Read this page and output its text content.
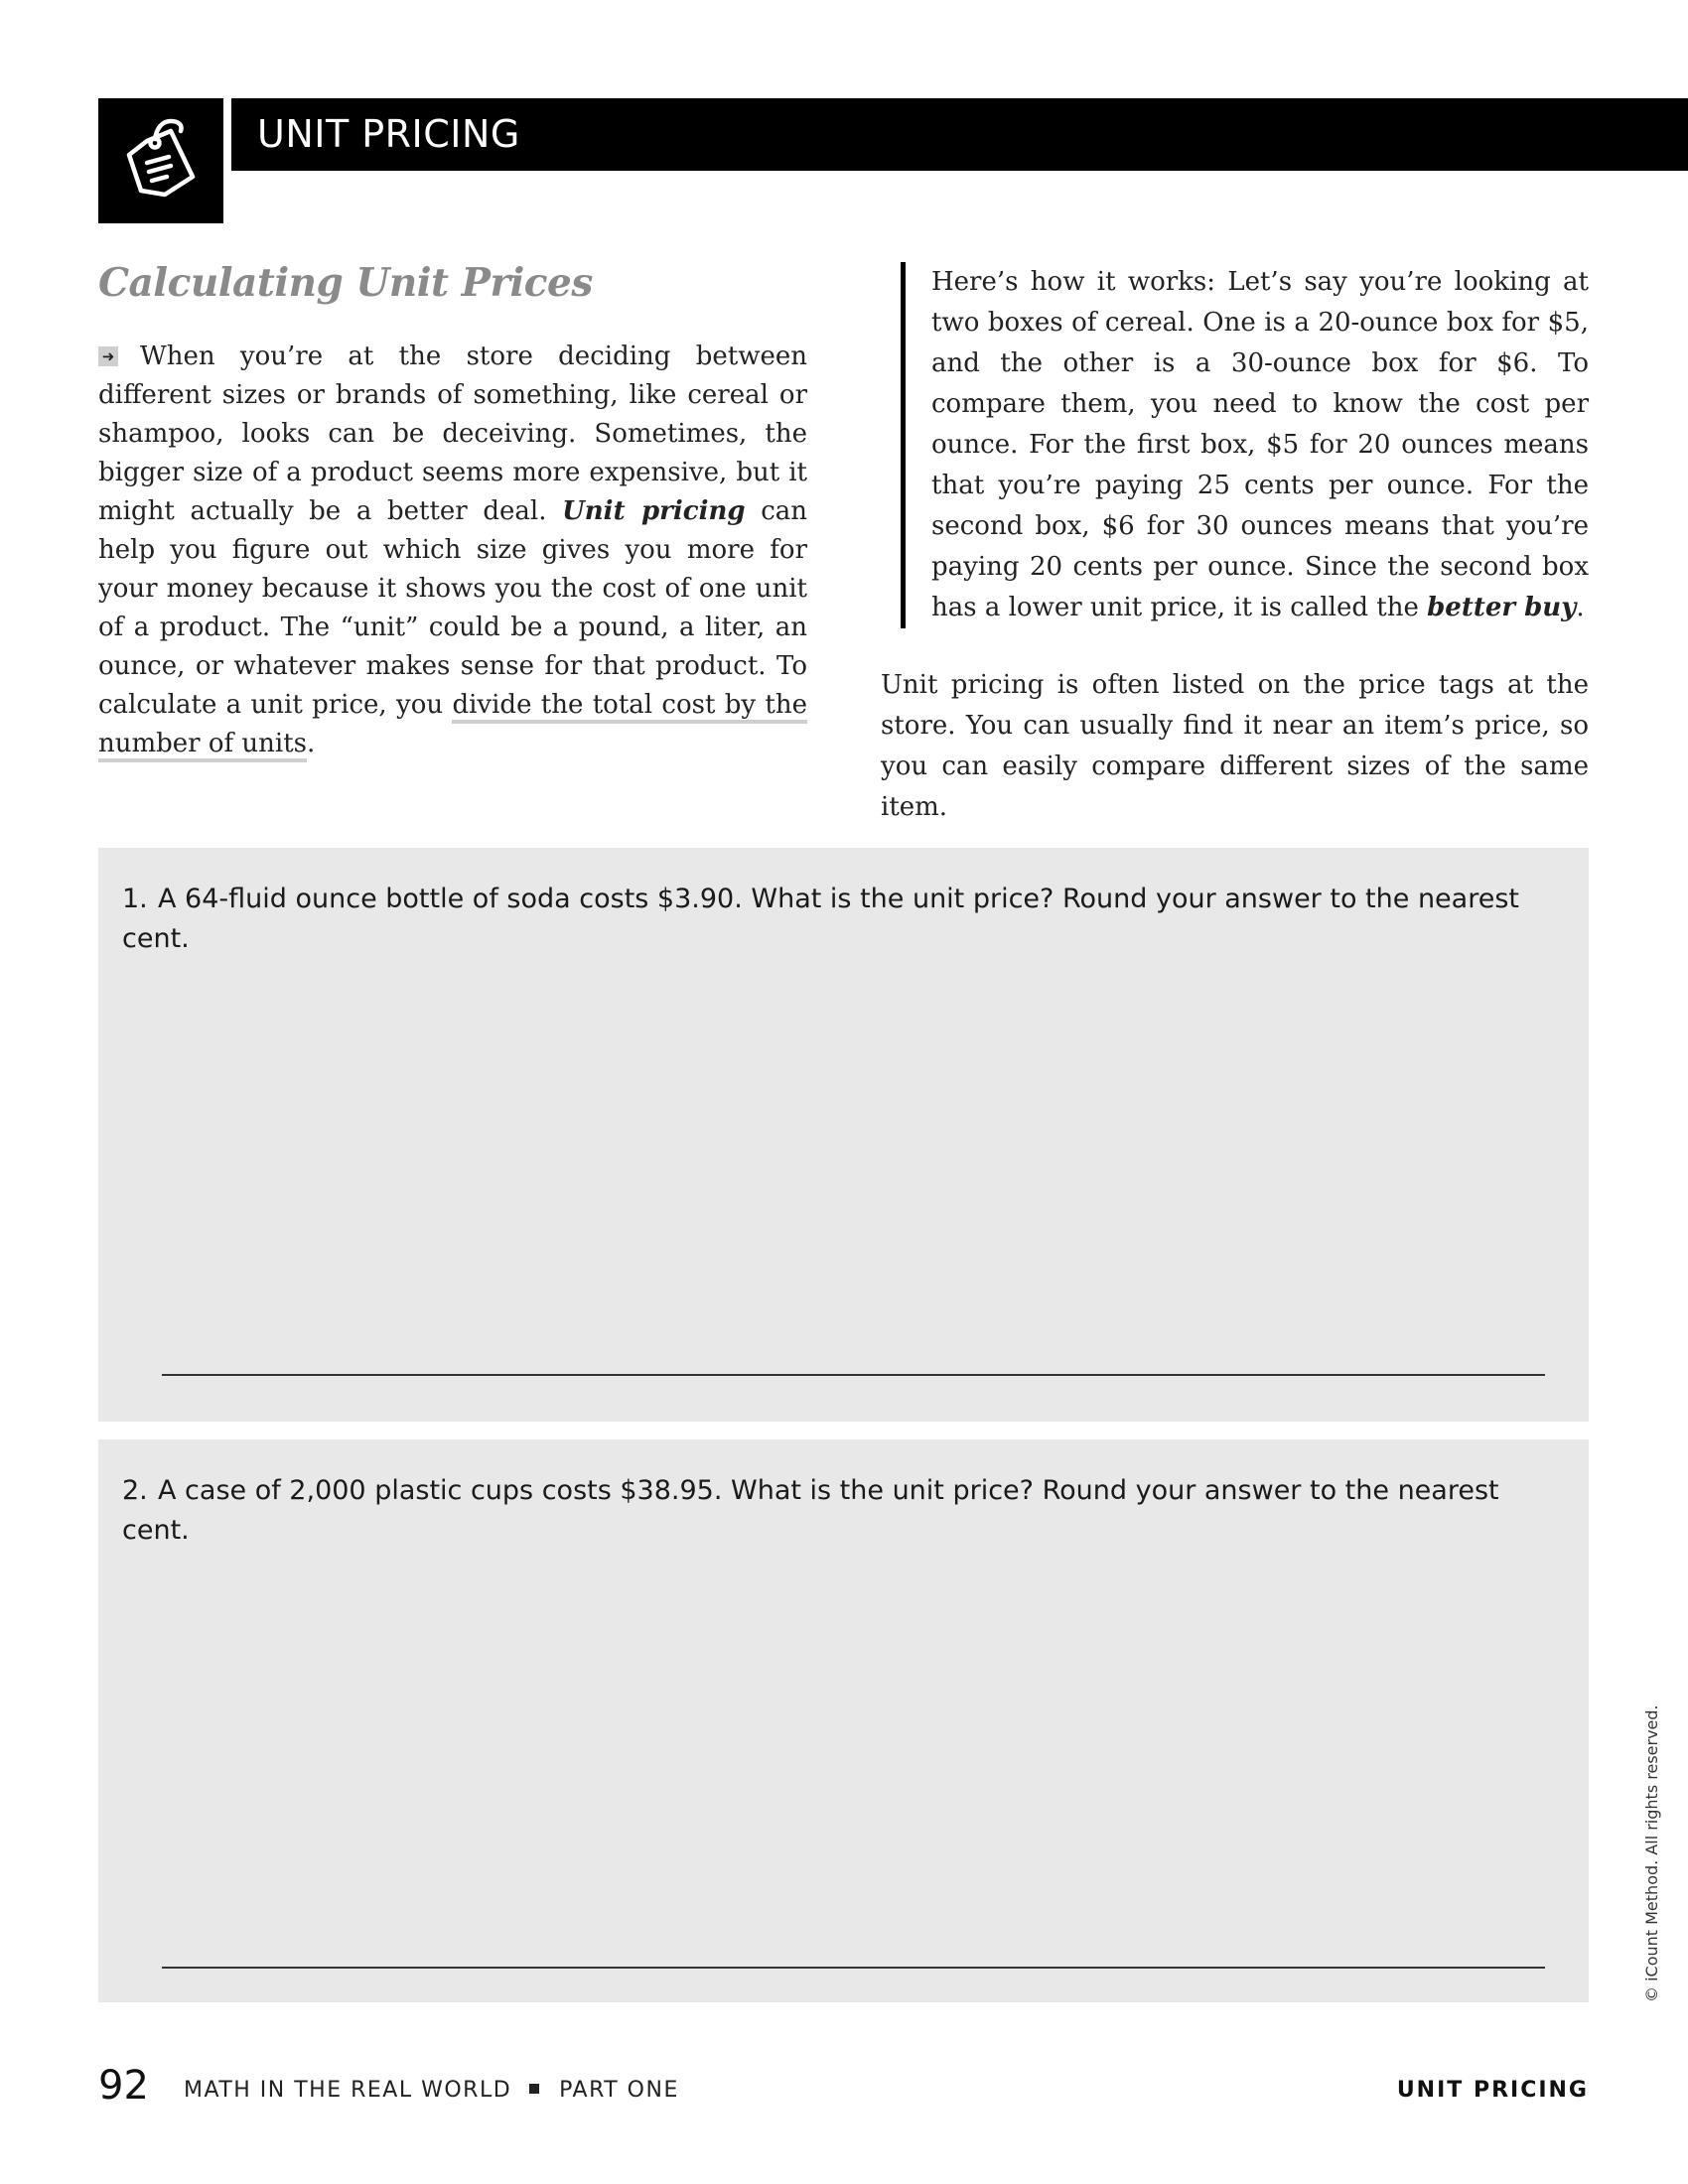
UNIT PRICING
Calculating Unit Prices

➜ When you’re at the store deciding between different sizes or brands of something, like cereal or shampoo, looks can be deceiving. Sometimes, the bigger size of a product seems more expensive, but it might actually be a better deal. Unit pricing can help you figure out which size gives you more for your money because it shows you the cost of one unit of a product. The “unit” could be a pound, a liter, an ounce, or whatever makes sense for that product. To calculate a unit price, you divide the total cost by the number of units.

Here’s how it works: Let’s say you’re looking at two boxes of cereal. One is a 20-ounce box for $5, and the other is a 30-ounce box for $6. To compare them, you need to know the cost per ounce. For the first box, $5 for 20 ounces means that you’re paying 25 cents per ounce. For the second box, $6 for 30 ounces means that you’re paying 20 cents per ounce. Since the second box has a lower unit price, it is called the better buy.

Unit pricing is often listed on the price tags at the store. You can usually find it near an item’s price, so you can easily compare different sizes of the same item.

1. A 64-fluid ounce bottle of soda costs $3.90. What is the unit price? Round your answer to the nearest cent.

2. A case of 2,000 plastic cups costs $38.95. What is the unit price? Round your answer to the nearest cent.

© iCount Method. All rights reserved.
92 MATH IN THE REAL WORLD PART ONE	UNIT PRICING
